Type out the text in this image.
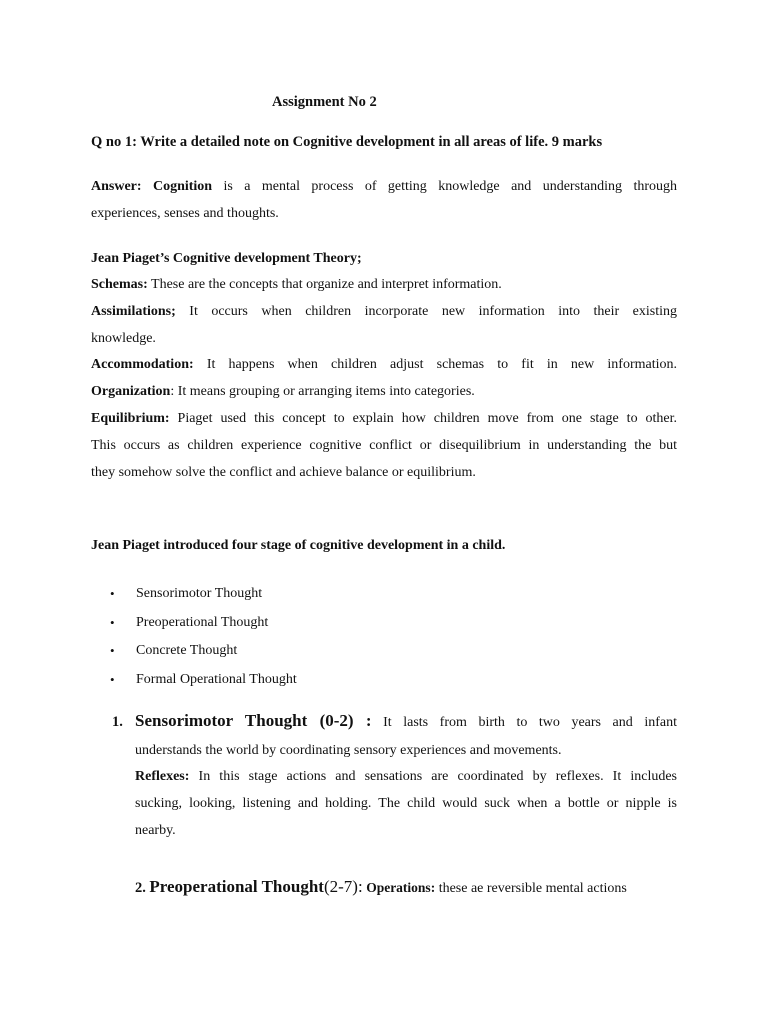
Assignment No 2
Q no 1: Write a detailed note on Cognitive development in all areas of life. 9 marks
Answer: Cognition is a mental process of getting knowledge and understanding through
experiences, senses and thoughts.
Jean Piaget’s Cognitive development Theory;
Schemas: These are the concepts that organize and interpret information.
Assimilations; It occurs when children incorporate new information into their existing
knowledge.
Accommodation: It happens when children adjust schemas to fit in new information.
Organization: It means grouping or arranging items into categories.
Equilibrium: Piaget used this concept to explain how children move from one stage to other.
This occurs as children experience cognitive conflict or disequilibrium in understanding the but
they somehow solve the conflict and achieve balance or equilibrium.
Jean Piaget introduced four stage of cognitive development in a child.
•	Sensorimotor Thought
•	Preoperational Thought
•	Concrete Thought
•	Formal Operational Thought
1. Sensorimotor Thought (0-2) : It lasts from birth to two years and infant
understands the world by coordinating sensory experiences and movements.
Reflexes: In this stage actions and sensations are coordinated by reflexes. It includes
sucking, looking, listening and holding. The child would suck when a bottle or nipple is
nearby.
2. Preoperational Thought(2-7): Operations: these ae reversible mental actions
